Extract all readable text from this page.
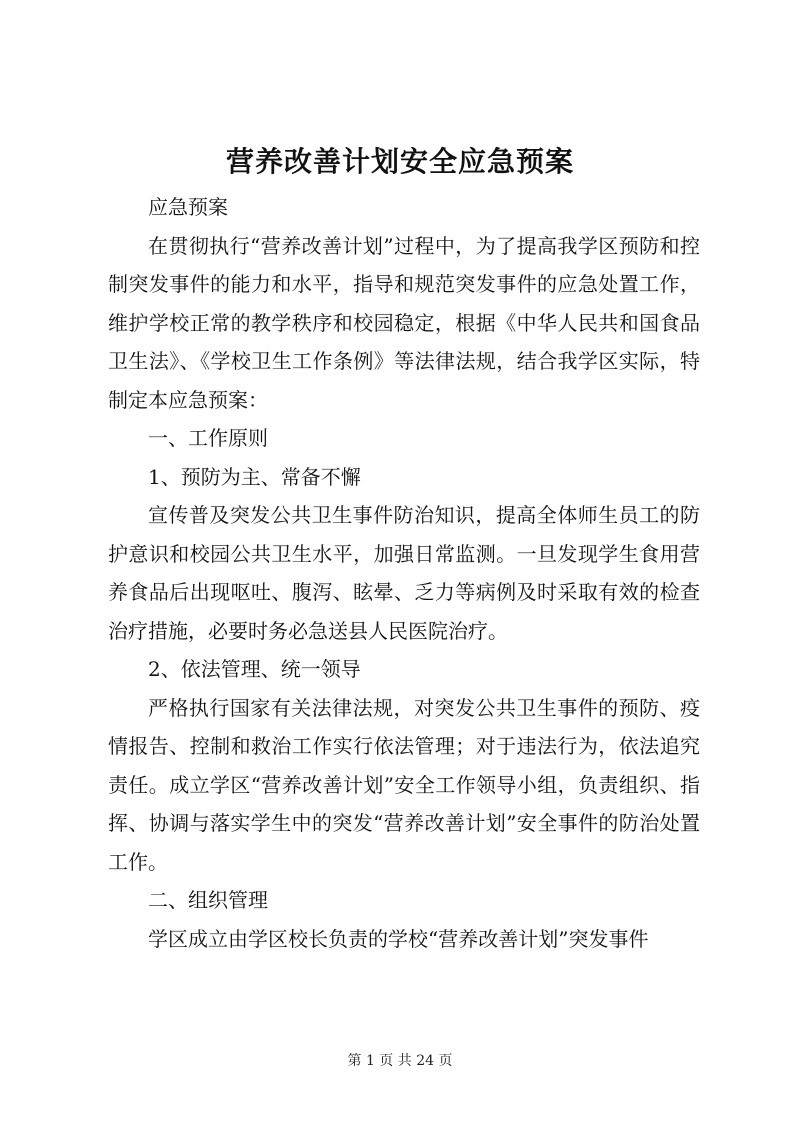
营养改善计划安全应急预案

应急预案

在贯彻执行“营养改善计划”过程中，为了提高我学区预防和控制突发事件的能力和水平，指导和规范突发事件的应急处置工作，维护学校正常的教学秩序和校园稳定，根据《中华人民共和国食品卫生法》、《学校卫生工作条例》等法律法规，结合我学区实际，特制定本应急预案：

一、工作原则

1、预防为主、常备不懈

宣传普及突发公共卫生事件防治知识，提高全体师生员工的防护意识和校园公共卫生水平，加强日常监测。一旦发现学生食用营养食品后出现呕吐、腹泻、眩晕、乏力等病例及时采取有效的检查治疗措施，必要时务必急送县人民医院治疗。

2、依法管理、统一领导

严格执行国家有关法律法规，对突发公共卫生事件的预防、疫情报告、控制和救治工作实行依法管理；对于违法行为，依法追究责任。成立学区“营养改善计划”安全工作领导小组，负责组织、指挥、协调与落实学生中的突发“营养改善计划”安全事件的防治处置工作。

二、组织管理

学区成立由学区校长负责的学校“营养改善计划”突发事件

第 1 页 共 24 页
